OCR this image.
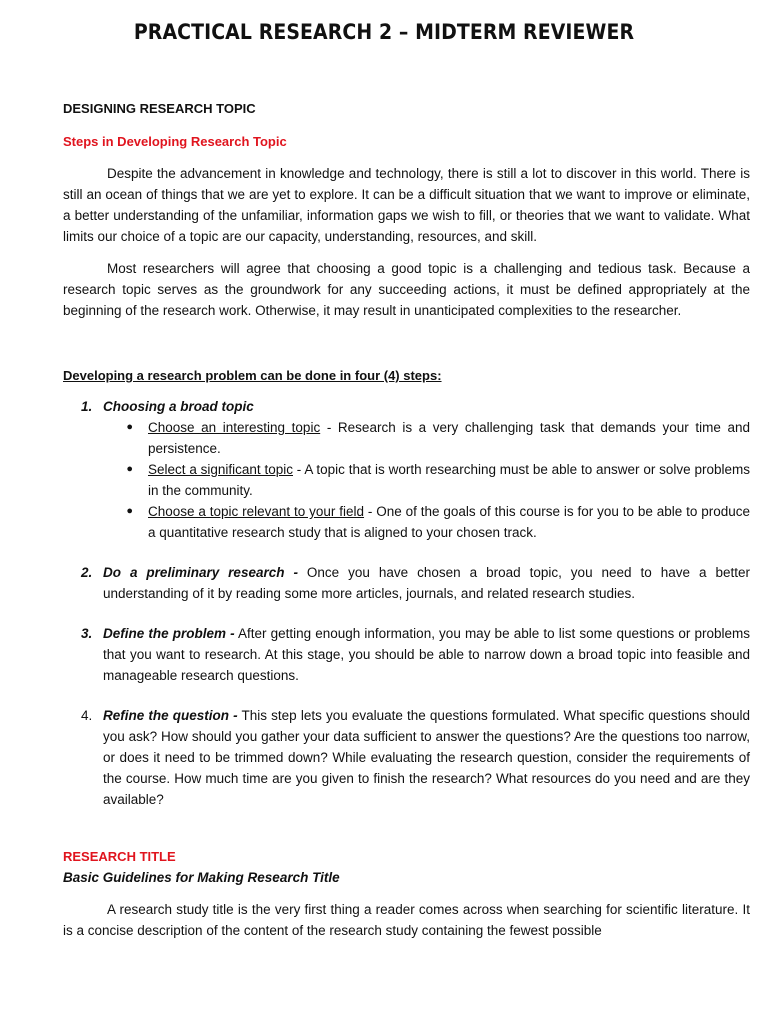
PRACTICAL RESEARCH 2 – MIDTERM REVIEWER

DESIGNING RESEARCH TOPIC

Steps in Developing Research Topic

Despite the advancement in knowledge and technology, there is still a lot to discover in this world. There is still an ocean of things that we are yet to explore. It can be a difficult situation that we want to improve or eliminate, a better understanding of the unfamiliar, information gaps we wish to fill, or theories that we want to validate. What limits our choice of a topic are our capacity, understanding, resources, and skill.

Most researchers will agree that choosing a good topic is a challenging and tedious task. Because a research topic serves as the groundwork for any succeeding actions, it must be defined appropriately at the beginning of the research work. Otherwise, it may result in unanticipated complexities to the researcher.

Developing a research problem can be done in four (4) steps:

1. Choosing a broad topic
●	Choose an interesting topic - Research is a very challenging task that demands your time and persistence.
●	Select a significant topic - A topic that is worth researching must be able to answer or solve problems in the community.
●	Choose a topic relevant to your field - One of the goals of this course is for you to be able to produce a quantitative research study that is aligned to your chosen track.
2. Do a preliminary research - Once you have chosen a broad topic, you need to have a better understanding of it by reading some more articles, journals, and related research studies.
3. Define the problem - After getting enough information, you may be able to list some questions or problems that you want to research. At this stage, you should be able to narrow down a broad topic into feasible and manageable research questions.
4. Refine the question - This step lets you evaluate the questions formulated. What specific questions should you ask? How should you gather your data sufficient to answer the questions? Are the questions too narrow, or does it need to be trimmed down? While evaluating the research question, consider the requirements of the course. How much time are you given to finish the research? What resources do you need and are they available?

RESEARCH TITLE

Basic Guidelines for Making Research Title

A research study title is the very first thing a reader comes across when searching for scientific literature. It is a concise description of the content of the research study containing the fewest possible
